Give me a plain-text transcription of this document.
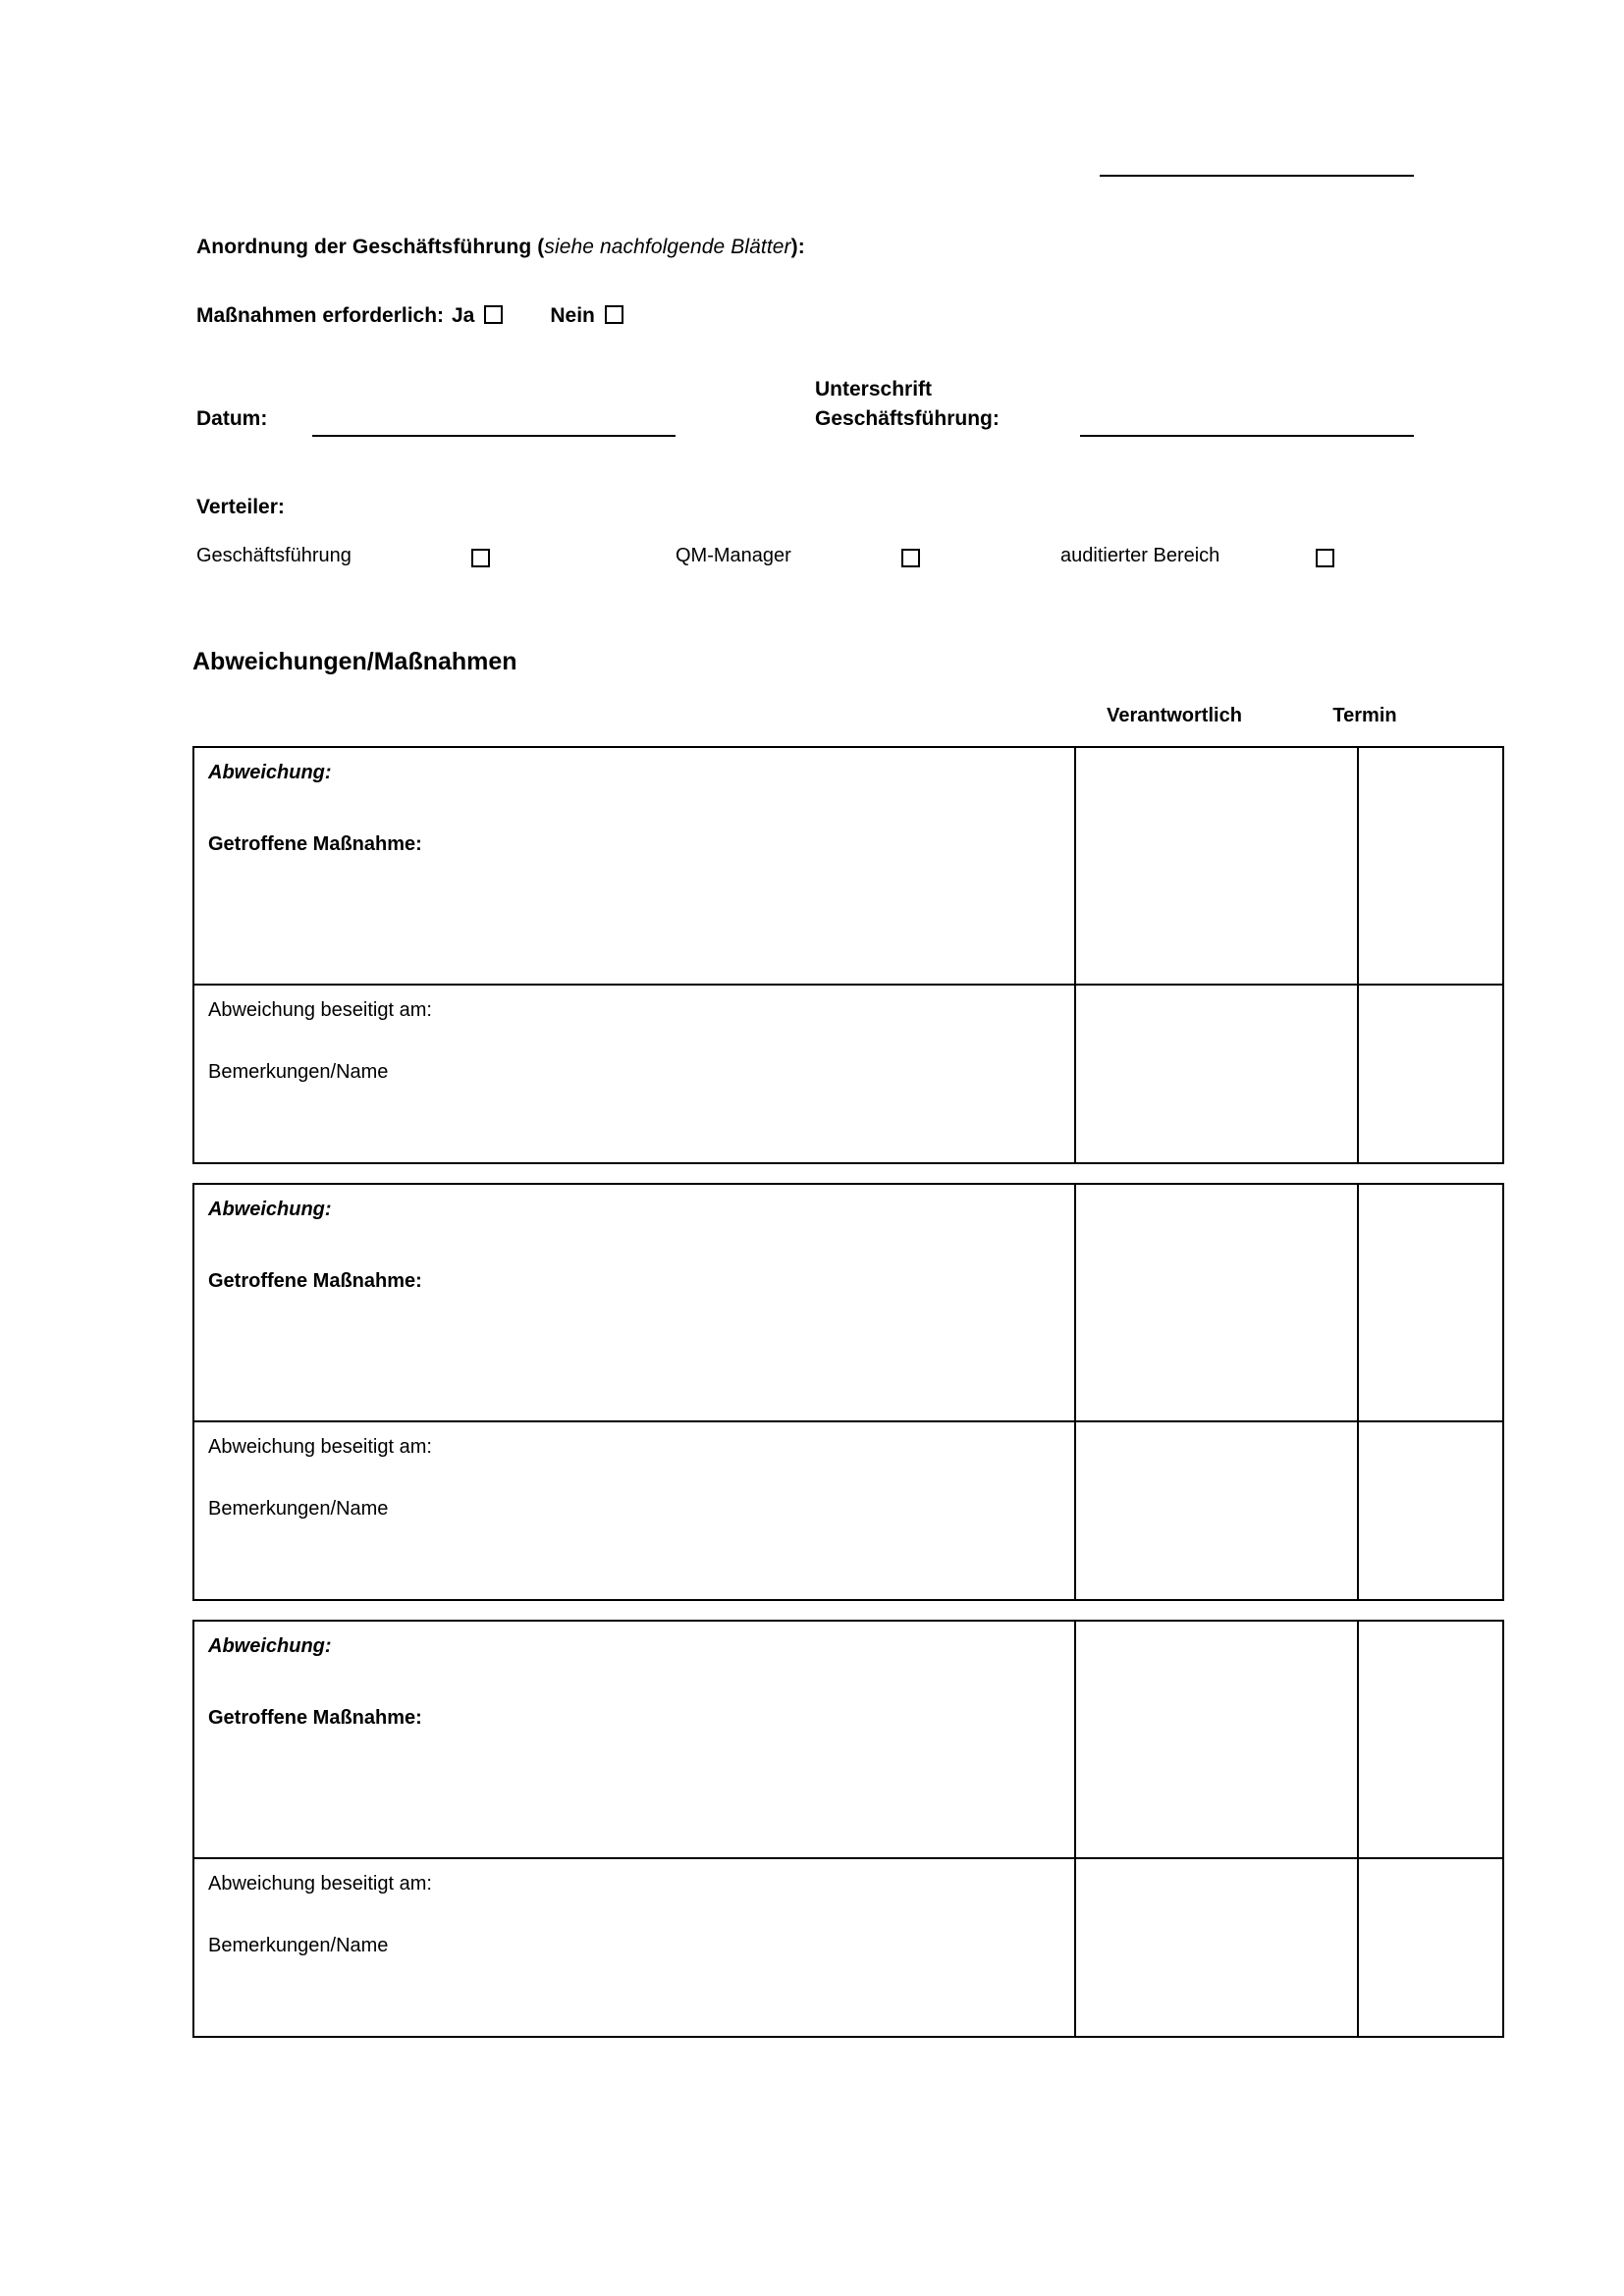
Anordnung der Geschäftsführung (siehe nachfolgende Blätter):
Maßnahmen erforderlich: Ja	Nein
Datum:
Unterschrift
Geschäftsführung:
Verteiler:
Geschäftsführung	QM-Manager	auditierter Bereich
Abweichungen/Maßnahmen
Verantwortlich	Termin
Abweichung:
Getroffene Maßnahme:		

Abweichung beseitigt am:
Bemerkungen/Name		

Abweichung:
Getroffene Maßnahme:		

Abweichung beseitigt am:
Bemerkungen/Name		

Abweichung:
Getroffene Maßnahme:		

Abweichung beseitigt am:
Bemerkungen/Name		
